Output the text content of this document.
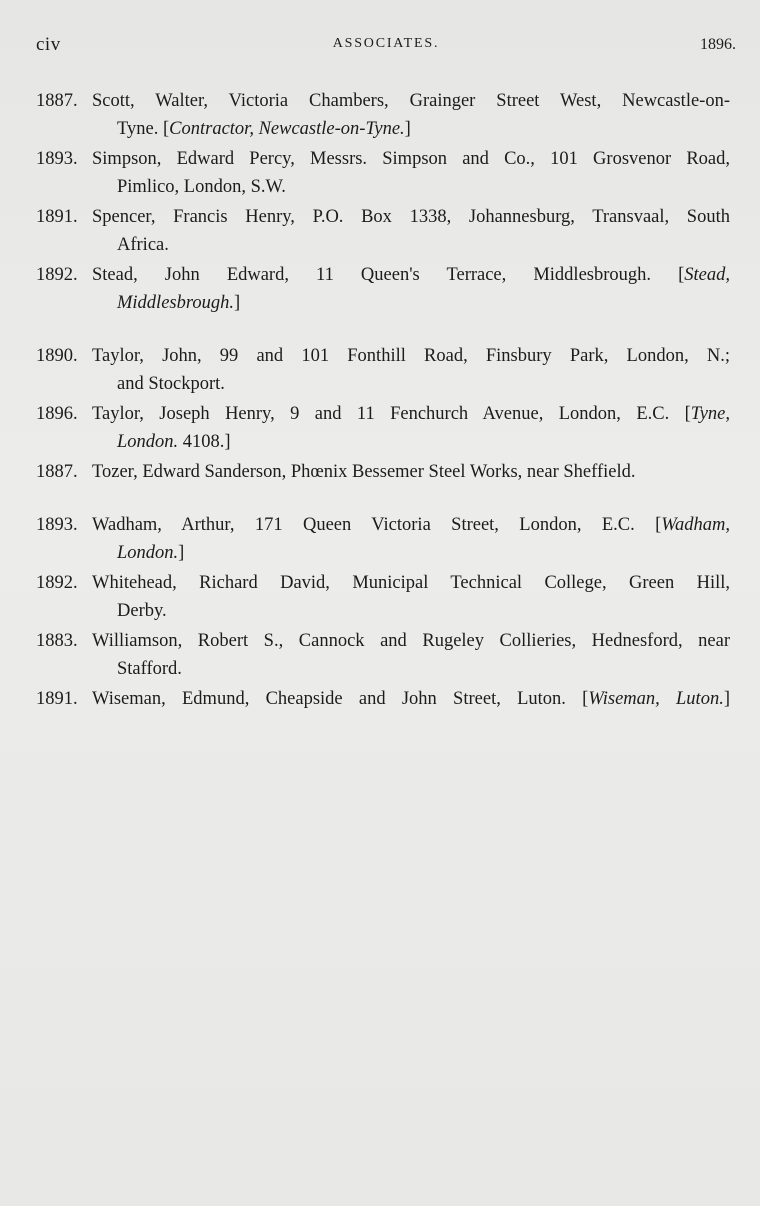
civ	ASSOCIATES.	1896.
1887. Scott, Walter, Victoria Chambers, Grainger Street West, Newcastle-on-
Tyne. [Contractor, Newcastle-on-Tyne.]
1893. Simpson, Edward Percy, Messrs. Simpson and Co., 101 Grosvenor Road,
Pimlico, London, S.W.
1891. Spencer, Francis Henry, P.O. Box 1338, Johannesburg, Transvaal, South
Africa.
1892. Stead, John Edward, 11 Queen's Terrace, Middlesbrough. [Stead,
Middlesbrough.]
1890. Taylor, John, 99 and 101 Fonthill Road, Finsbury Park, London, N.;
and Stockport.
1896. Taylor, Joseph Henry, 9 and 11 Fenchurch Avenue, London, E.C. [Tyne,
London. 4108.]
1887. Tozer, Edward Sanderson, Phœnix Bessemer Steel Works, near Sheffield.
1893. Wadham, Arthur, 171 Queen Victoria Street, London, E.C. [Wadham,
London.]
1892. Whitehead, Richard David, Municipal Technical College, Green Hill,
Derby.
1883. Williamson, Robert S., Cannock and Rugeley Collieries, Hednesford, near
Stafford.
1891. Wiseman, Edmund, Cheapside and John Street, Luton. [Wiseman, Luton.]
